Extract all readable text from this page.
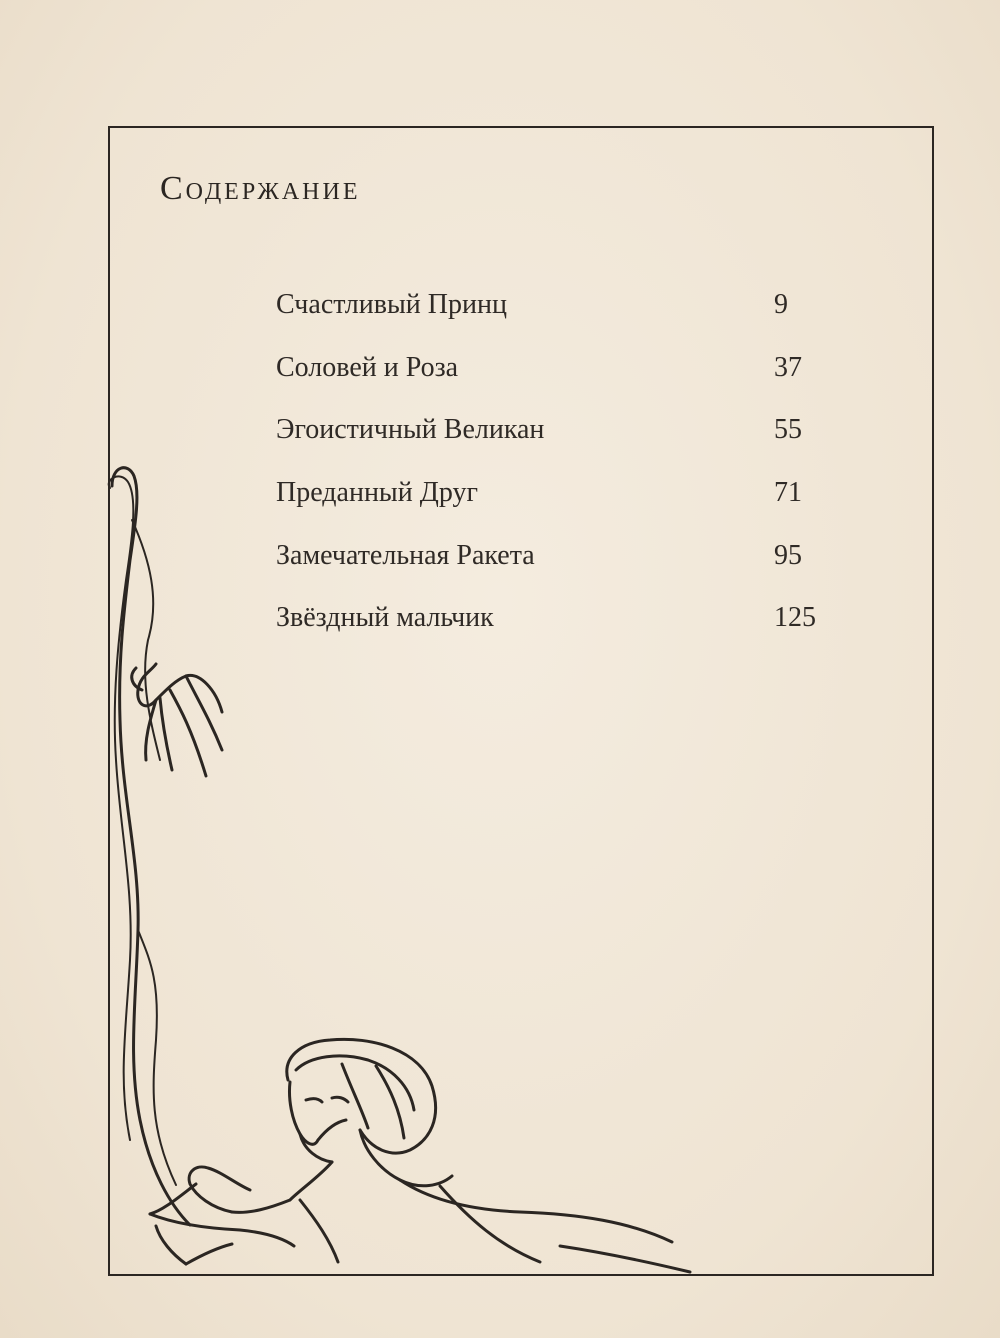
Содержание
Счастливый Принц	9
Соловей и Роза	37
Эгоистичный Великан	55
Преданный Друг	71
Замечательная Ракета	95
Звёздный мальчик	125
